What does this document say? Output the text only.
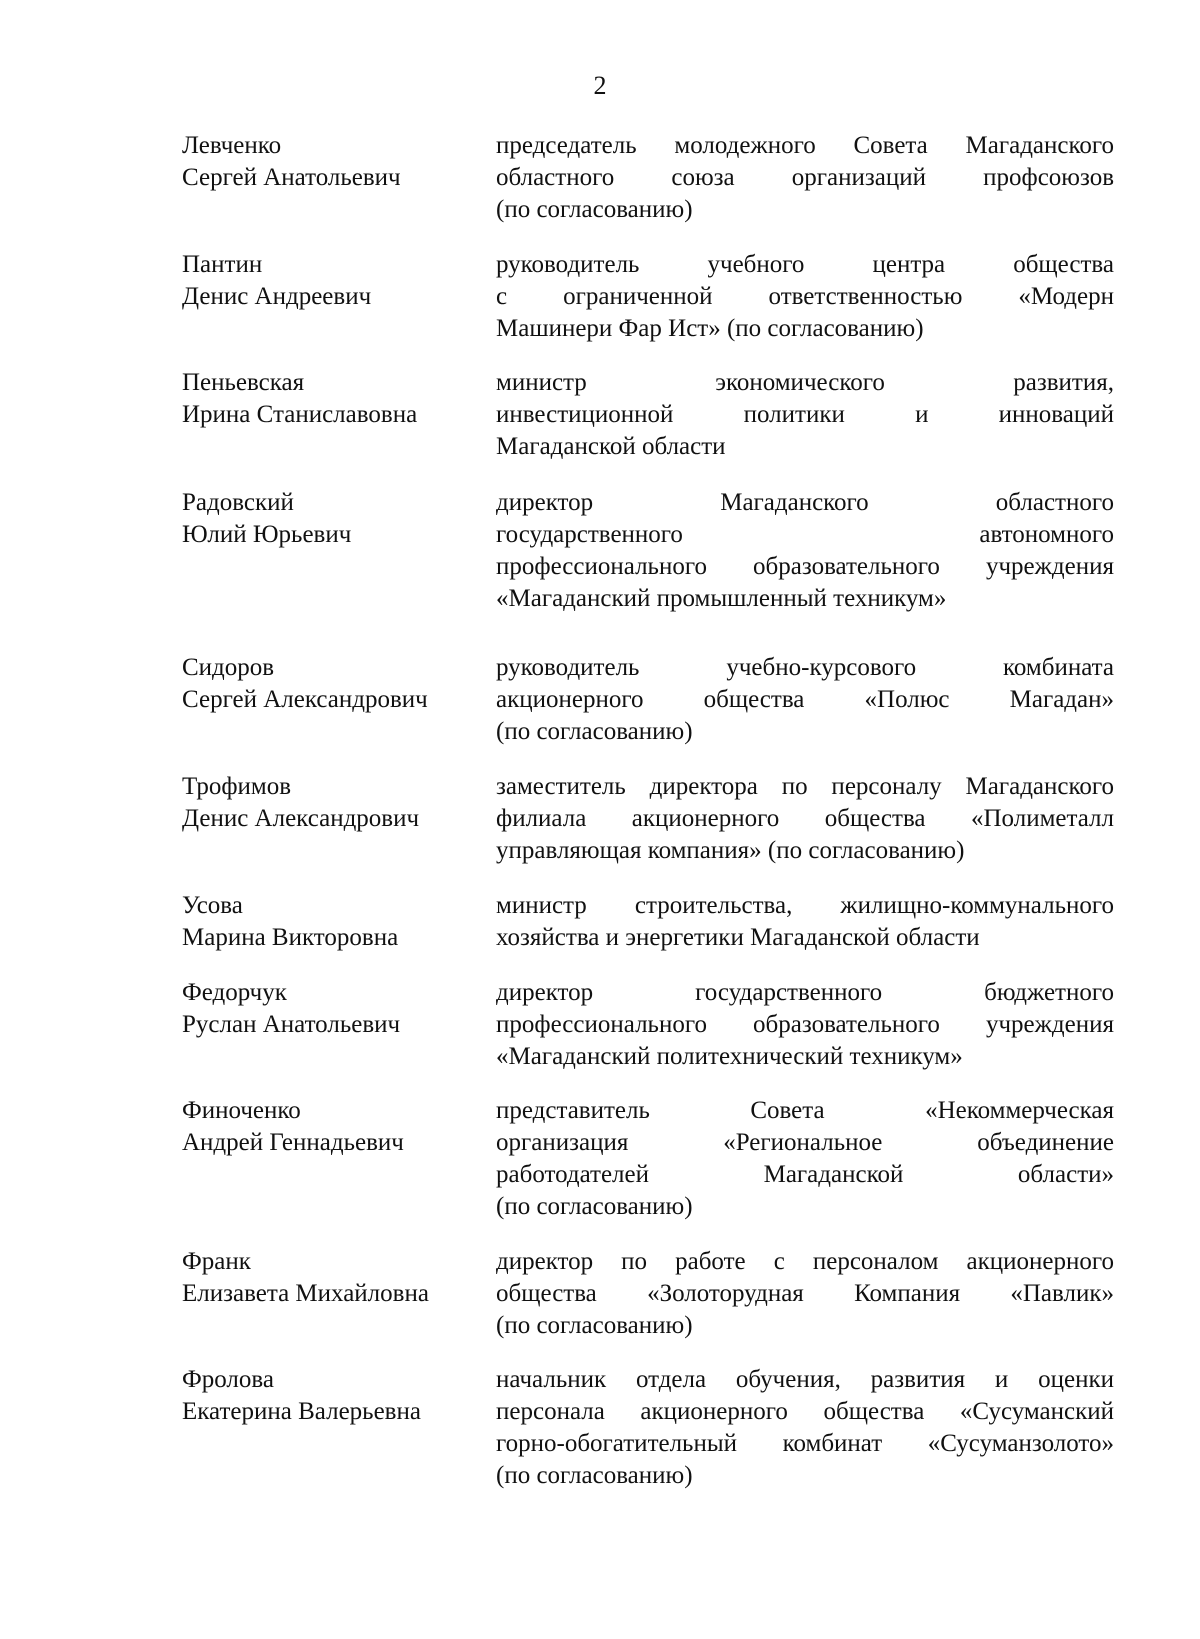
2
Левченко
Сергей Анатольевич
председатель молодежного Совета Магаданского
областного союза организаций профсоюзов
(по согласованию)
Пантин
Денис Андреевич
руководитель учебного центра общества
с ограниченной ответственностью «Модерн
Машинери Фар Ист» (по согласованию)
Пеньевская
Ирина Станиславовна
министр экономического развития,
инвестиционной политики и инноваций
Магаданской области
Радовский
Юлий Юрьевич
директор Магаданского областного
государственного автономного
профессионального образовательного учреждения
«Магаданский промышленный техникум»
Сидоров
Сергей Александрович
руководитель учебно-курсового комбината
акционерного общества «Полюс Магадан»
(по согласованию)
Трофимов
Денис Александрович
заместитель директора по персоналу Магаданского
филиала акционерного общества «Полиметалл
управляющая компания» (по согласованию)
Усова
Марина Викторовна
министр строительства, жилищно-коммунального
хозяйства и энергетики Магаданской области
Федорчук
Руслан Анатольевич
директор государственного бюджетного
профессионального образовательного учреждения
«Магаданский политехнический техникум»
Финоченко
Андрей Геннадьевич
представитель Совета «Некоммерческая
организация «Региональное объединение
работодателей Магаданской области»
(по согласованию)
Франк
Елизавета Михайловна
директор по работе с персоналом акционерного
общества «Золоторудная Компания «Павлик»
(по согласованию)
Фролова
Екатерина Валерьевна
начальник отдела обучения, развития и оценки
персонала акционерного общества «Сусуманский
горно-обогатительный комбинат «Сусуманзолото»
(по согласованию)
